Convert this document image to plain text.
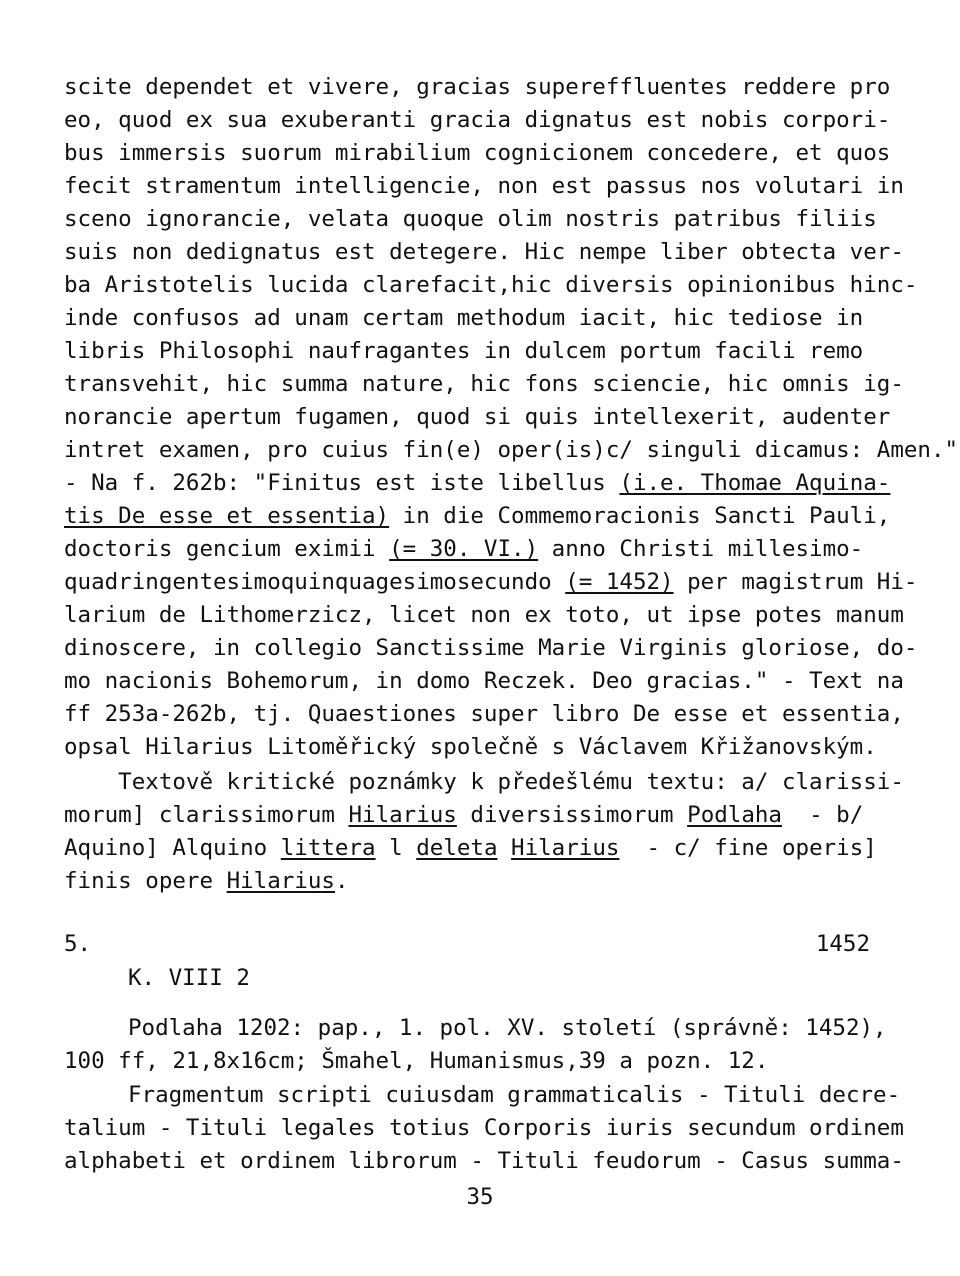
scite dependet et vivere, gracias supereffluentes reddere pro
eo, quod ex sua exuberanti gracia dignatus est nobis corpori-
bus immersis suorum mirabilium cognicionem concedere, et quos
fecit stramentum intelligencie, non est passus nos volutari in
sceno ignorancie, velata quoque olim nostris patribus filiis
suis non dedignatus est detegere. Hic nempe liber obtecta ver-
ba Aristotelis lucida clarefacit,hic diversis opinionibus hinc-
inde confusos ad unam certam methodum iacit, hic tediose in
libris Philosophi naufragantes in dulcem portum facili remo
transvehit, hic summa nature, hic fons sciencie, hic omnis ig-
norancie apertum fugamen, quod si quis intellexerit, audenter
intret examen, pro cuius fin(e) oper(is)c/ singuli dicamus: Amen."
- Na f. 262b: "Finitus est iste libellus (i.e. Thomae Aquina-
tis De esse et essentia) in die Commemoracionis Sancti Pauli,
doctoris gencium eximii (= 30. VI.) anno Christi millesimo-
quadringentesimoquinquagesimosecundo (= 1452) per magistrum Hi-
larium de Lithomerzicz, licet non ex toto, ut ipse potes manum
dinoscere, in collegio Sanctissime Marie Virginis gloriose, do-
mo nacionis Bohemorum, in domo Reczek. Deo gracias." - Text na
ff 253a-262b, tj. Quaestiones super libro De esse et essentia,
opsal Hilarius Litoměřický společně s Václavem Křižanovským.
Textově kritické poznámky k předešlému textu: a/ clarissi-
morum] clarissimorum Hilarius diversissimorum Podlaha  - b/
Aquino] Alquino littera l deleta Hilarius  - c/ fine operis]
finis opere Hilarius.
5.	1452
K. VIII 2
Podlaha 1202: pap., 1. pol. XV. století (správně: 1452),
100 ff, 21,8x16cm; Šmahel, Humanismus,39 a pozn. 12.
Fragmentum scripti cuiusdam grammaticalis - Tituli decre-
talium - Tituli legales totius Corporis iuris secundum ordinem
alphabeti et ordinem librorum - Tituli feudorum - Casus summa-
35
